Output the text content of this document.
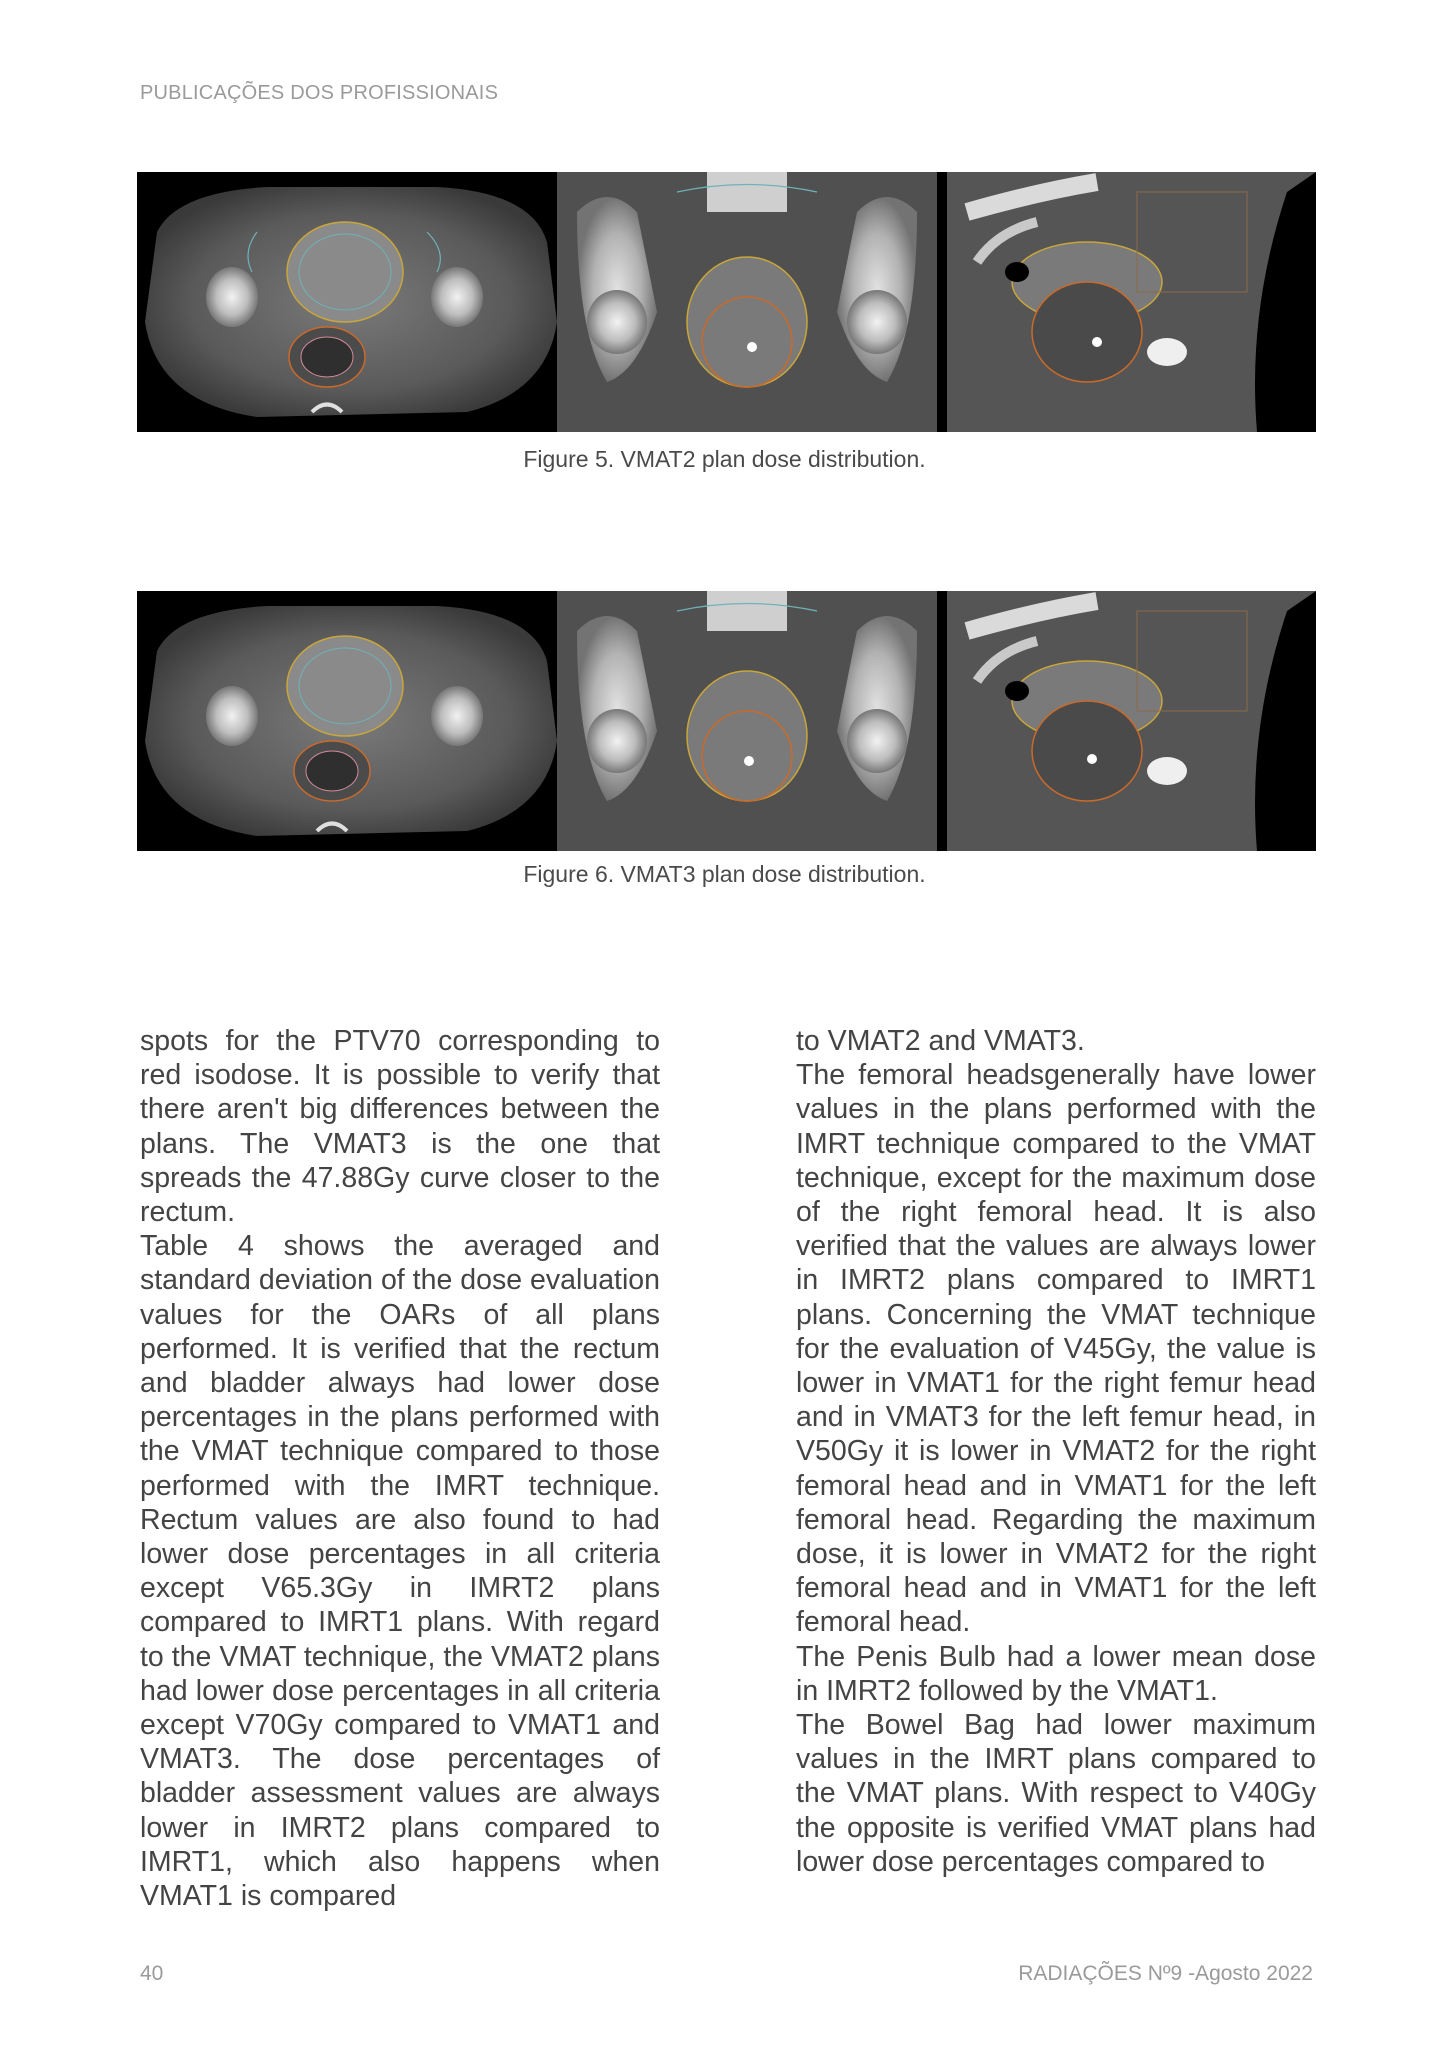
PUBLICAÇÕES DOS PROFISSIONAIS
Figure 5. VMAT2 plan dose distribution.
Figure 6. VMAT3 plan dose distribution.

spots for the PTV70 corresponding to red isodose. It is possible to verify that there aren't big differences between the plans. The VMAT3 is the one that spreads the 47.88Gy curve closer to the rectum.

Table 4 shows the averaged and standard deviation of the dose evaluation values for the OARs of all plans performed. It is verified that the rectum and bladder always had lower dose percentages in the plans performed with the VMAT technique compared to those performed with the IMRT technique. Rectum values are also found to had lower dose percentages in all criteria except V65.3Gy in IMRT2 plans compared to IMRT1 plans. With regard to the VMAT technique, the VMAT2 plans had lower dose percentages in all criteria except V70Gy compared to VMAT1 and VMAT3. The dose percentages of bladder assessment values are always lower in IMRT2 plans compared to IMRT1, which also happens when VMAT1 is compared

to VMAT2 and VMAT3.

The femoral headsgenerally have lower values in the plans performed with the IMRT technique compared to the VMAT technique, except for the maximum dose of the right femoral head. It is also verified that the values are always lower in IMRT2 plans compared to IMRT1 plans. Concerning the VMAT technique for the evaluation of V45Gy, the value is lower in VMAT1 for the right femur head and in VMAT3 for the left femur head, in V50Gy it is lower in VMAT2 for the right femoral head and in VMAT1 for the left femoral head. Regarding the maximum dose, it is lower in VMAT2 for the right femoral head and in VMAT1 for the left femoral head.

The Penis Bulb had a lower mean dose in IMRT2 followed by the VMAT1.

The Bowel Bag had lower maximum values in the IMRT plans compared to the VMAT plans. With respect to V40Gy the opposite is verified VMAT plans had lower dose percentages compared to

40	RADIAÇÕES Nº9 -Agosto 2022
